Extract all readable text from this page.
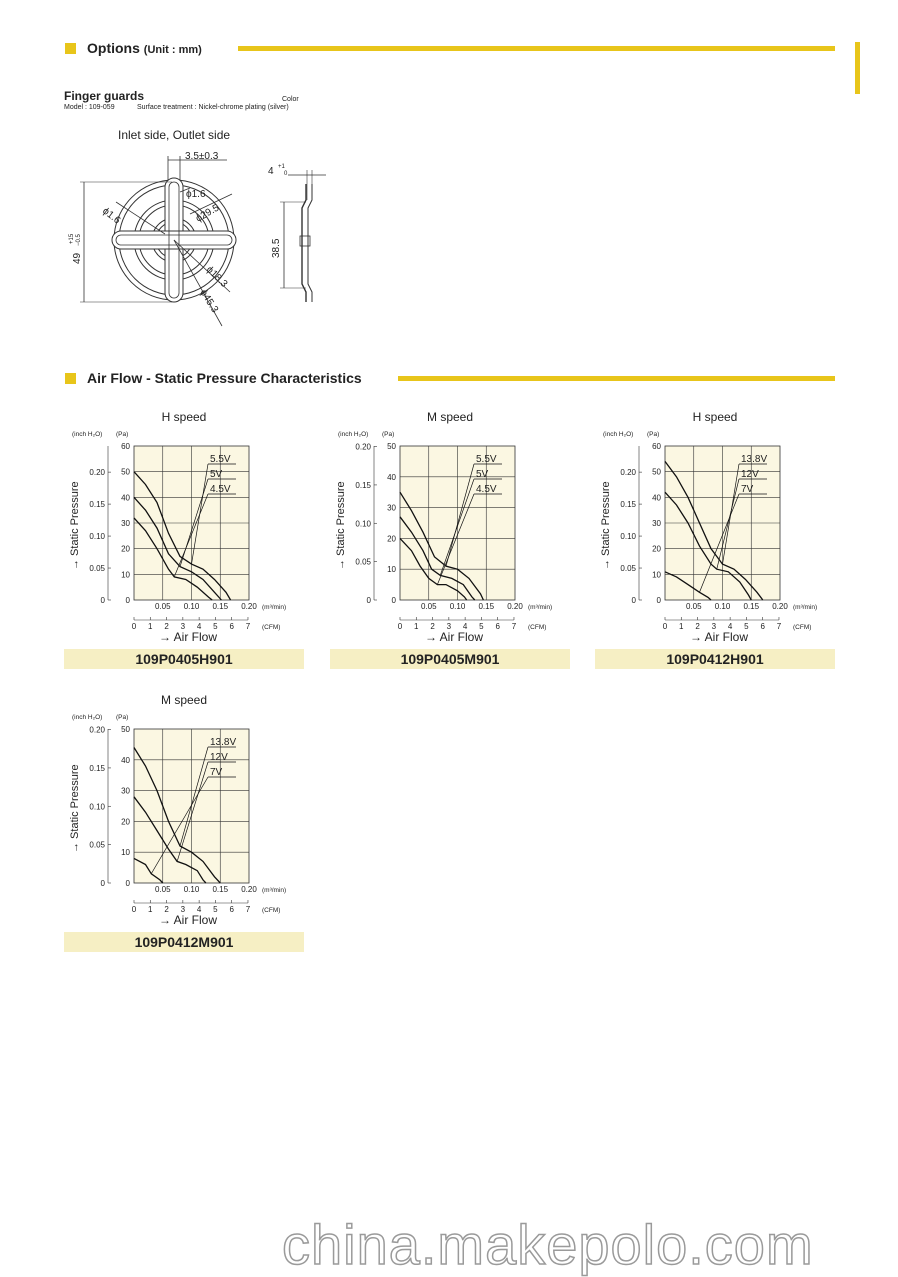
Options (Unit : mm)
Finger guards
Model : 109-059	Surface treatment : Nickel-chrome plating (silver)
Color
Inlet side, Outlet side
3.5±0.3
ϕ1.6
ϕ1.6
ϕ29.5
ϕ18.3
ϕ45.3
49
+15 −0.5
4 +1
0
38.5
Air Flow - Static Pressure Characteristics
H speed
(inch H₂O) (Pa)
0
10
20
30
40
50
60
0
0.05
0.10
0.15
0.20
→ Static Pressure
0.05 0.10 0.15 0.20 (m³/min)
0 1 2 3 4 5 6 7 (CFM)
→ Air Flow
5.5V
5V
4.5V
109P0405H901
M speed
(inch H₂O) (Pa)
0
10
20
30
40
50
0
0.05
0.10
0.15
0.20
→ Static Pressure
0.05 0.10 0.15 0.20 (m³/min)
0 1 2 3 4 5 6 7 (CFM)
→ Air Flow
5.5V
5V
4.5V
109P0405M901
H speed
(inch H₂O) (Pa)
0
10
20
30
40
50
60
0
0.05
0.10
0.15
0.20
→ Static Pressure
0.05 0.10 0.15 0.20 (m³/min)
0 1 2 3 4 5 6 7 (CFM)
→ Air Flow
13.8V
12V
7V
109P0412H901
M speed
(inch H₂O) (Pa)
0
10
20
30
40
50
0
0.05
0.10
0.15
0.20
→ Static Pressure
0.05 0.10 0.15 0.20 (m³/min)
0 1 2 3 4 5 6 7 (CFM)
→ Air Flow
13.8V
12V
7V
109P0412M901
china.makepolo.com
